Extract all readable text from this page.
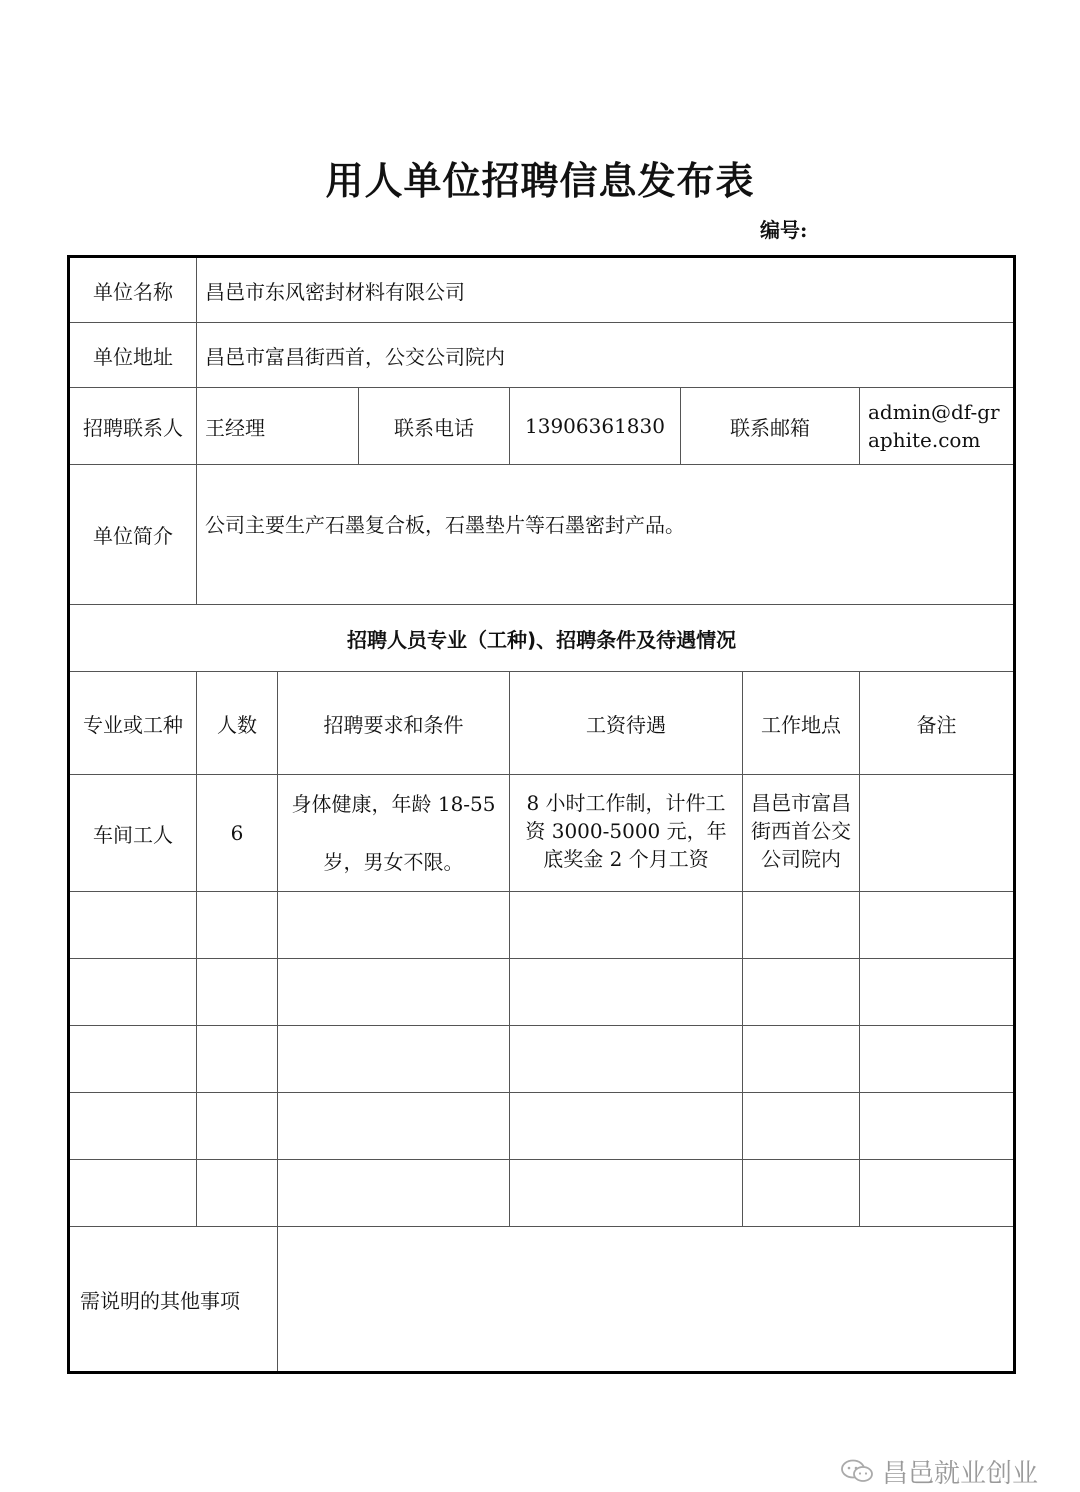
用人单位招聘信息发布表
编号:
单位名称	昌邑市东风密封材料有限公司						
单位地址	昌邑市富昌街西首，公交公司院内						
招聘联系人	王经理		联系电话	13906361830	联系邮箱		admin@df-graphite.com
单位简介	公司主要生产石墨复合板，石墨垫片等石墨密封产品。						
招聘人员专业（工种)、招聘条件及待遇情况							
专业或工种	人数	招聘要求和条件		工资待遇		工作地点	备注
车间工人	6	身体健康，年龄 18-55 岁，男女不限。		8 小时工作制，计件工资 3000-5000 元，年底奖金 2 个月工资		昌邑市富昌街西首公交公司院内	

需说明的其他事项							
昌邑就业创业
